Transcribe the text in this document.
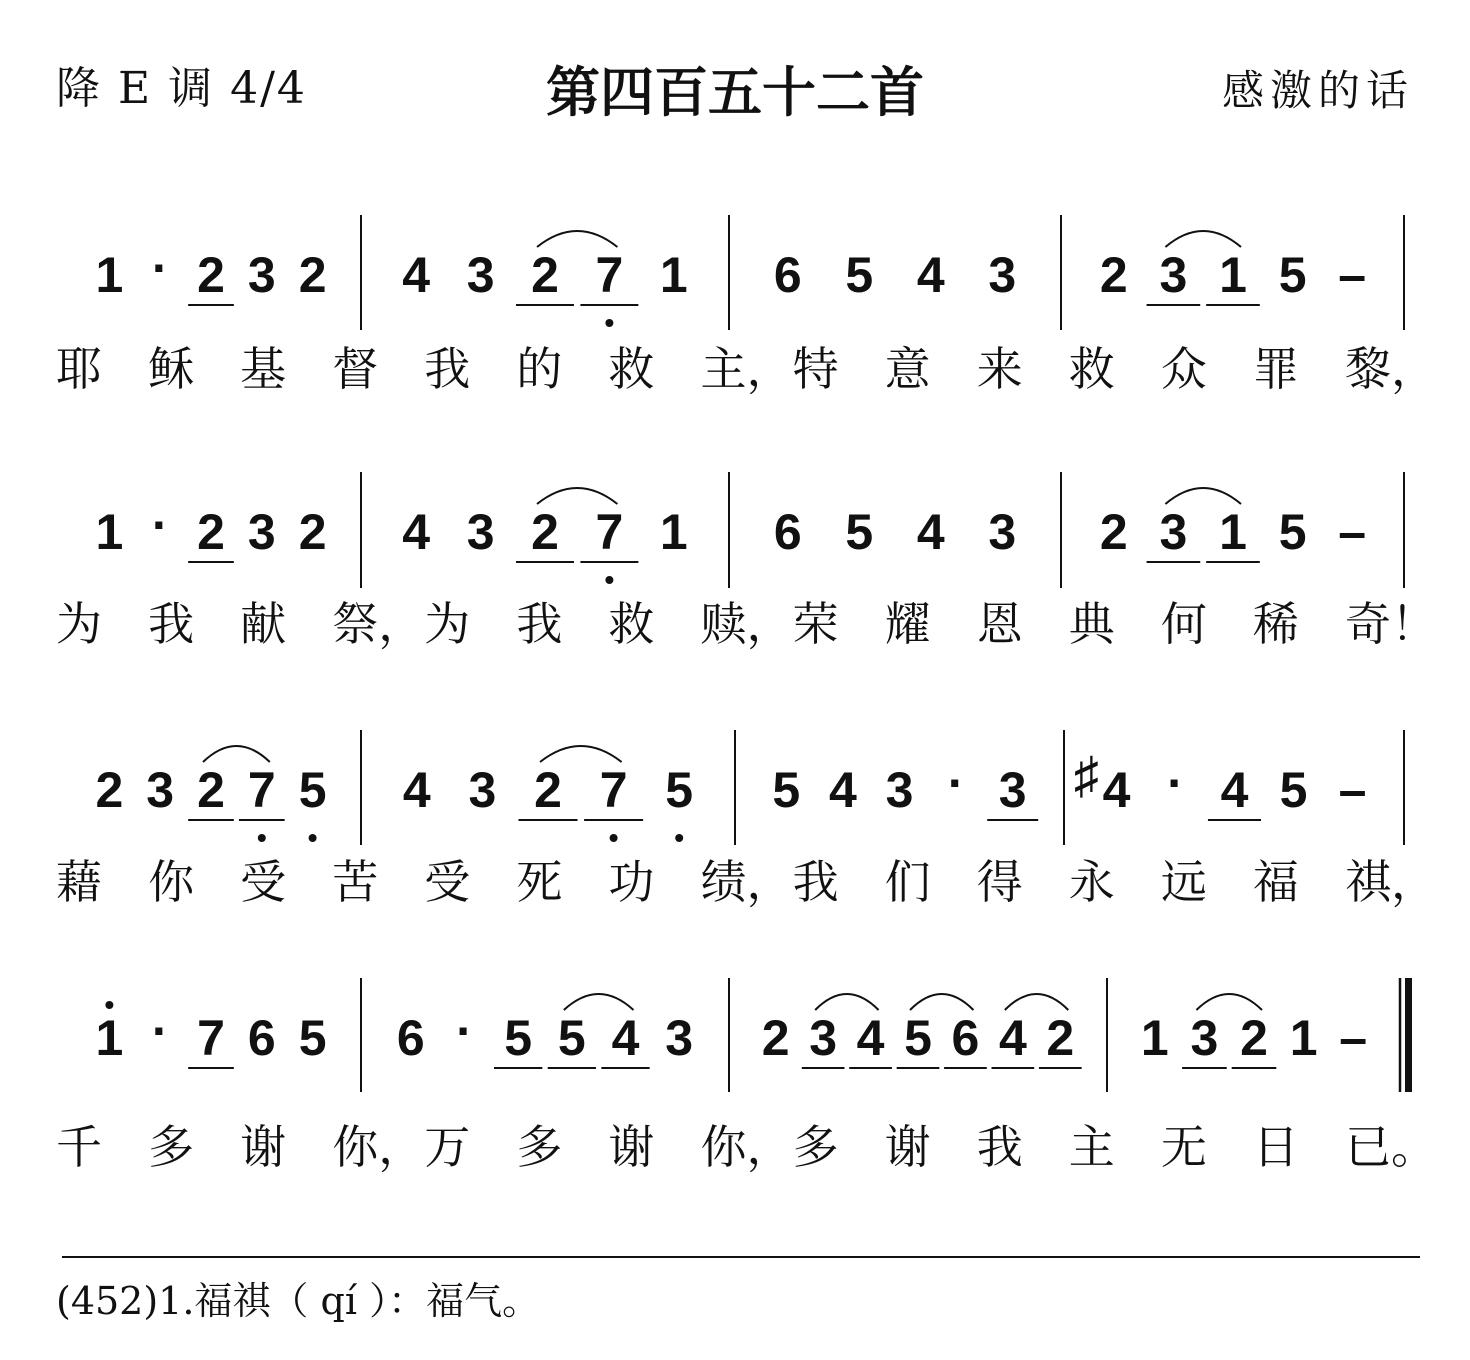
降 E 调 4/4	第四百五十二首	感激的话
1 · 2 3 2 4 3 2 7 1 6 5 4 3 2 3 1 5 –
耶 稣 基 督 我 的 救 主， 特 意 来 救 众 罪 黎，
1 · 2 3 2 4 3 2 7 1 6 5 4 3 2 3 1 5 –
为 我 献 祭， 为 我 救 赎， 荣 耀 恩 典 何 稀 奇！
2 3 2 7 5 4 3 2 7 5 5 4 3 · 3 4
♯ · 4 5 –
藉 你 受 苦 受 死 功 绩， 我 们 得 永 远 福 祺，
1 · 7 6 5 6 · 5 5 4 3 2 3 4 5 6 4 2 1 3 2 1 –
千 多 谢 你， 万 多 谢 你， 多 谢 我 主 无 日 已。
(452)1.福祺（ qí ）：福气。
